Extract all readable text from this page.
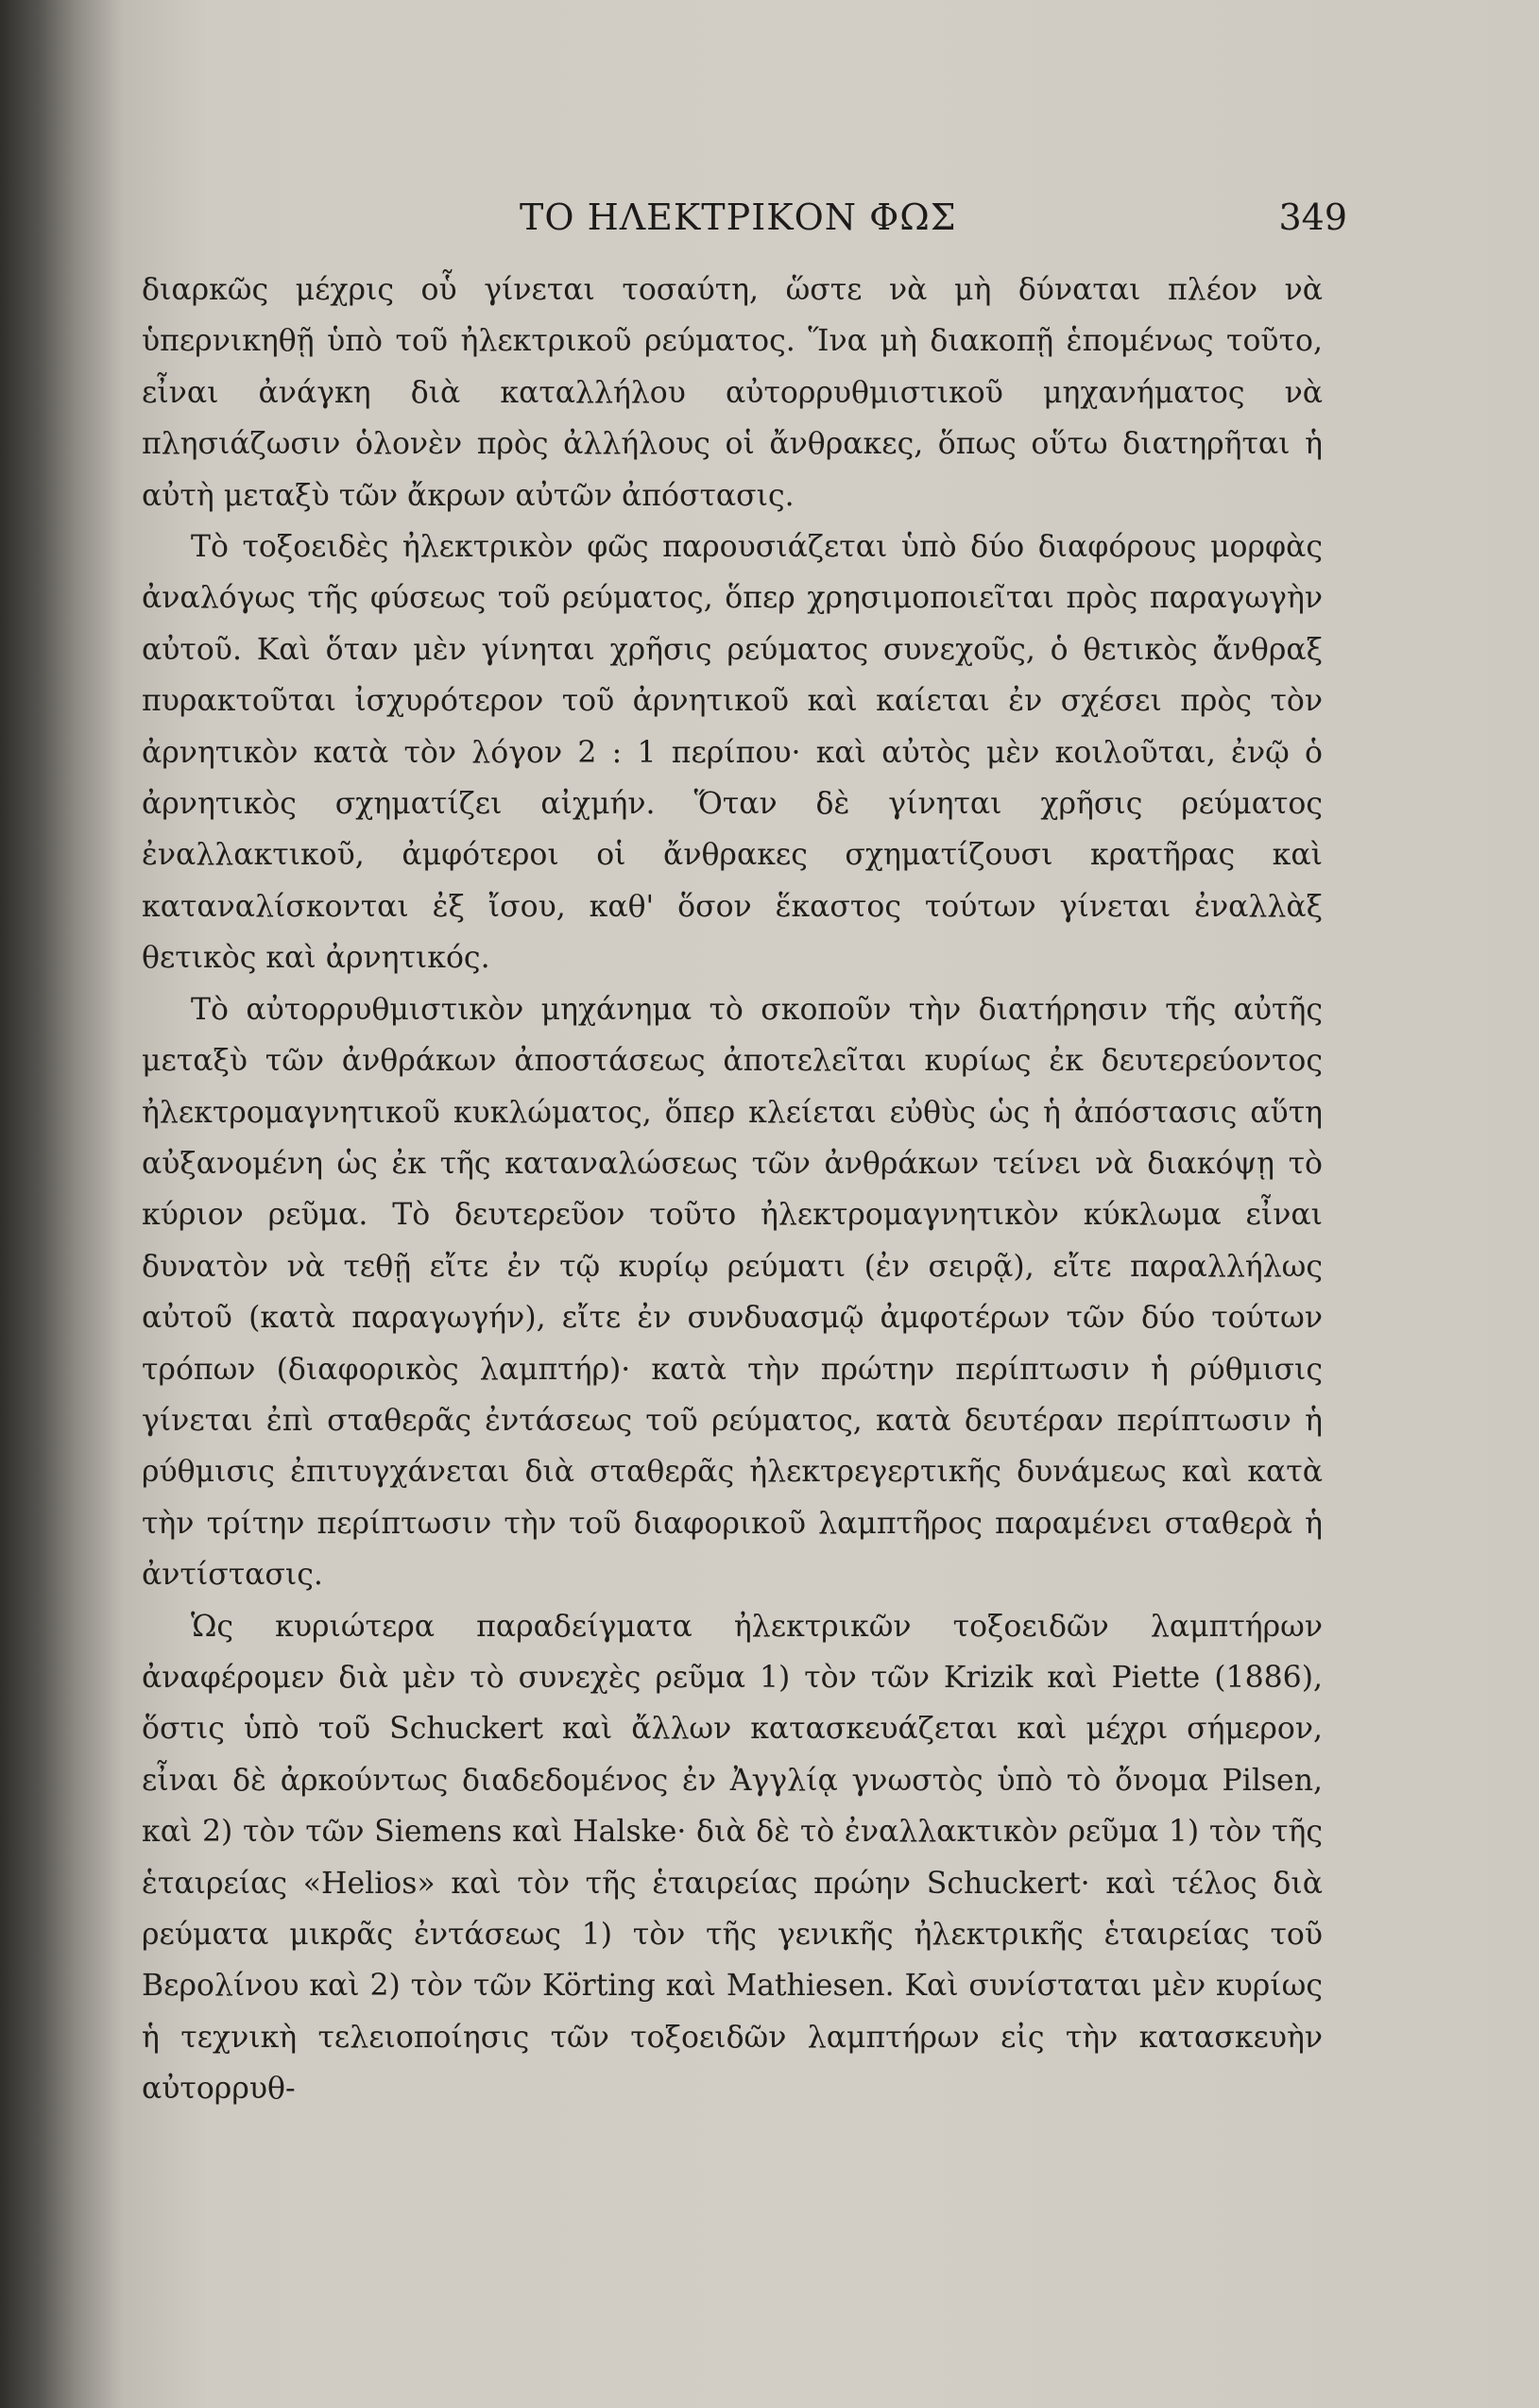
ΤΟ ΗΛΕΚΤΡΙΚΟΝ ΦΩΣ	349

διαρκῶς μέχρις οὗ γίνεται τοσαύτη, ὥστε νὰ μὴ δύναται πλέον νὰ ὑπερνικηθῇ ὑπὸ τοῦ ἠλεκτρικοῦ ρεύματος. Ἵνα μὴ διακοπῇ ἑπομένως τοῦτο, εἶναι ἀνάγκη διὰ καταλλήλου αὐτορρυθμιστικοῦ μηχανήματος νὰ πλησιάζωσιν ὁλονὲν πρὸς ἀλλήλους οἱ ἄνθρακες, ὅπως οὕτω διατηρῆται ἡ αὐτὴ μεταξὺ τῶν ἄκρων αὐτῶν ἀπόστασις.

Τὸ τοξοειδὲς ἠλεκτρικὸν φῶς παρουσιάζεται ὑπὸ δύο διαφόρους μορφὰς ἀναλόγως τῆς φύσεως τοῦ ρεύματος, ὅπερ χρησιμοποιεῖται πρὸς παραγωγὴν αὐτοῦ. Καὶ ὅταν μὲν γίνηται χρῆσις ρεύματος συνεχοῦς, ὁ θετικὸς ἄνθραξ πυρακτοῦται ἰσχυρότερον τοῦ ἀρνητικοῦ καὶ καίεται ἐν σχέσει πρὸς τὸν ἀρνητικὸν κατὰ τὸν λόγον 2 : 1 περίπου· καὶ αὐτὸς μὲν κοιλοῦται, ἐνῷ ὁ ἀρνητικὸς σχηματίζει αἰχμήν. Ὅταν δὲ γίνηται χρῆσις ρεύματος ἐναλλακτικοῦ, ἀμφότεροι οἱ ἄνθρακες σχηματίζουσι κρατῆρας καὶ καταναλίσκονται ἐξ ἴσου, καθ' ὅσον ἕκαστος τούτων γίνεται ἐναλλὰξ θετικὸς καὶ ἀρνητικός.

Τὸ αὐτορρυθμιστικὸν μηχάνημα τὸ σκοποῦν τὴν διατήρησιν τῆς αὐτῆς μεταξὺ τῶν ἀνθράκων ἀποστάσεως ἀποτελεῖται κυρίως ἐκ δευτερεύοντος ἠλεκτρομαγνητικοῦ κυκλώματος, ὅπερ κλείεται εὐθὺς ὡς ἡ ἀπόστασις αὕτη αὐξανομένη ὡς ἐκ τῆς καταναλώσεως τῶν ἀνθράκων τείνει νὰ διακόψῃ τὸ κύριον ρεῦμα. Τὸ δευτερεῦον τοῦτο ἠλεκτρομαγνητικὸν κύκλωμα εἶναι δυνατὸν νὰ τεθῇ εἴτε ἐν τῷ κυρίῳ ρεύματι (ἐν σειρᾷ), εἴτε παραλλήλως αὐτοῦ (κατὰ παραγωγήν), εἴτε ἐν συνδυασμῷ ἀμφοτέρων τῶν δύο τούτων τρόπων (διαφορικὸς λαμπτήρ)· κατὰ τὴν πρώτην περίπτωσιν ἡ ρύθμισις γίνεται ἐπὶ σταθερᾶς ἐντάσεως τοῦ ρεύματος, κατὰ δευτέραν περίπτωσιν ἡ ρύθμισις ἐπιτυγχάνεται διὰ σταθερᾶς ἠλεκτρεγερτικῆς δυνάμεως καὶ κατὰ τὴν τρίτην περίπτωσιν τὴν τοῦ διαφορικοῦ λαμπτῆρος παραμένει σταθερὰ ἡ ἀντίστασις.

Ὡς κυριώτερα παραδείγματα ἠλεκτρικῶν τοξοειδῶν λαμπτήρων ἀναφέρομεν διὰ μὲν τὸ συνεχὲς ρεῦμα 1) τὸν τῶν Krizik καὶ Piette (1886), ὅστις ὑπὸ τοῦ Schuckert καὶ ἄλλων κατασκευάζεται καὶ μέχρι σήμερον, εἶναι δὲ ἀρκούντως διαδεδομένος ἐν Ἀγγλίᾳ γνωστὸς ὑπὸ τὸ ὄνομα Pilsen, καὶ 2) τὸν τῶν Siemens καὶ Halske· διὰ δὲ τὸ ἐναλλακτικὸν ρεῦμα 1) τὸν τῆς ἑταιρείας «Helios» καὶ τὸν τῆς ἑταιρείας πρώην Schuckert· καὶ τέλος διὰ ρεύματα μικρᾶς ἐντάσεως 1) τὸν τῆς γενικῆς ἠλεκτρικῆς ἑταιρείας τοῦ Βερολίνου καὶ 2) τὸν τῶν Körting καὶ Mathiesen. Καὶ συνίσταται μὲν κυρίως ἡ τεχνικὴ τελειοποίησις τῶν τοξοειδῶν λαμπτήρων εἰς τὴν κατασκευὴν αὐτορρυθ-
